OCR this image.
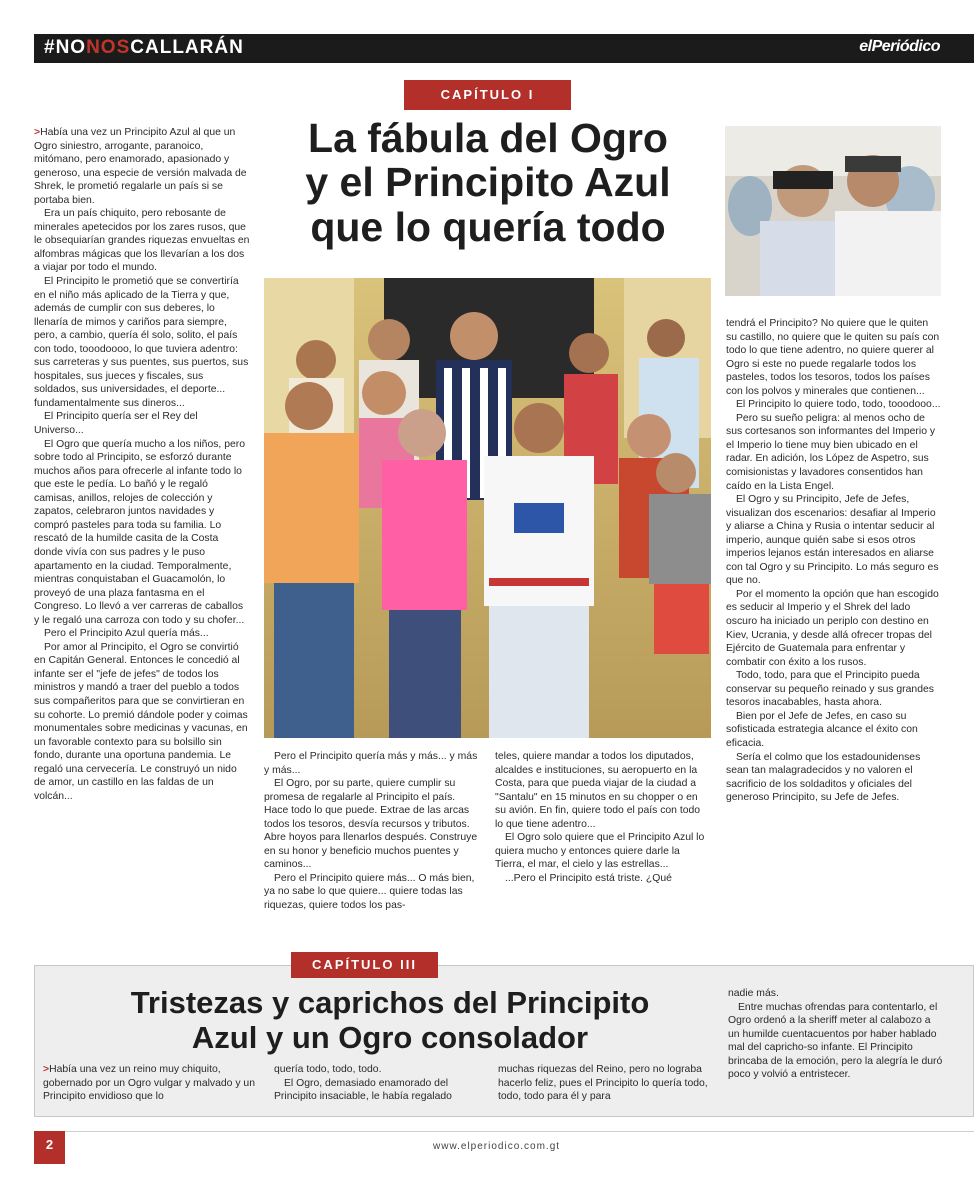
#NONOSCALLARÁN	elPeriódico
CAPÍTULO I
La fábula del Ogro
y el Principito Azul
que lo quería todo

>Había una vez un Principito Azul al que un Ogro siniestro, arrogante, paranoico, mitómano, pero enamorado, apasionado y generoso, una especie de versión malvada de Shrek, le prometió regalarle un país si se portaba bien.

Era un país chiquito, pero rebosante de minerales apetecidos por los zares rusos, que le obsequiarían grandes riquezas envueltas en alfombras mágicas que los llevarían a los dos a viajar por todo el mundo.

El Principito le prometió que se convertiría en el niño más aplicado de la Tierra y que, además de cumplir con sus deberes, lo llenaría de mimos y cariños para siempre, pero, a cambio, quería él solo, solito, el país con todo, tooodoooo, lo que tuviera adentro: sus carreteras y sus puentes, sus puertos, sus hospitales, sus jueces y fiscales, sus soldados, sus universidades, el deporte... fundamentalmente sus dineros...

El Principito quería ser el Rey del Universo...

El Ogro que quería mucho a los niños, pero sobre todo al Principito, se esforzó durante muchos años para ofrecerle al infante todo lo que este le pedía. Lo bañó y le regaló camisas, anillos, relojes de colección y zapatos, celebraron juntos navidades y compró pasteles para toda su familia. Lo rescató de la humilde casita de la Costa donde vivía con sus padres y le puso apartamento en la ciudad. Temporalmente, mientras conquistaban el Guacamolón, lo proveyó de una plaza fantasma en el Congreso. Lo llevó a ver carreras de caballos y le regaló una carroza con todo y su chofer...

Pero el Principito Azul quería más...

Por amor al Principito, el Ogro se convirtió en Capitán General. Entonces le concedió al infante ser el "jefe de jefes" de todos los ministros y mandó a traer del pueblo a todos sus compañeritos para que se convirtieran en su cohorte. Lo premió dándole poder y coimas monumentales sobre medicinas y vacunas, en un favorable contexto para su bolsillo sin fondo, durante una oportuna pandemia. Le regaló una cervecería. Le construyó un nido de amor, un castillo en las faldas de un volcán...

Pero el Principito quería más y más... y más y más...

El Ogro, por su parte, quiere cumplir su promesa de regalarle al Principito el país. Hace todo lo que puede. Extrae de las arcas todos los tesoros, desvía recursos y tributos. Abre hoyos para llenarlos después. Construye en su honor y beneficio muchos puentes y caminos...

Pero el Principito quiere más... O más bien, ya no sabe lo que quiere... quiere todas las riquezas, quiere todos los pas-

teles, quiere mandar a todos los diputados, alcaldes e instituciones, su aeropuerto en la Costa, para que pueda viajar de la ciudad a "Santalu" en 15 minutos en su chopper o en su avión. En fin, quiere todo el país con todo lo que tiene adentro...

El Ogro solo quiere que el Principito Azul lo quiera mucho y entonces quiere darle la Tierra, el mar, el cielo y las estrellas...

...Pero el Principito está triste. ¿Qué

tendrá el Principito? No quiere que le quiten su castillo, no quiere que le quiten su país con todo lo que tiene adentro, no quiere querer al Ogro si este no puede regalarle todos los pasteles, todos los tesoros, todos los países con los polvos y minerales que contienen...

El Principito lo quiere todo, todo, tooodooo...

Pero su sueño peligra: al menos ocho de sus cortesanos son informantes del Imperio y el Imperio lo tiene muy bien ubicado en el radar. En adición, los López de Aspetro, sus comisionistas y lavadores consentidos han caído en la Lista Engel.

El Ogro y su Principito, Jefe de Jefes, visualizan dos escenarios: desafiar al Imperio y aliarse a China y Rusia o intentar seducir al imperio, aunque quién sabe si esos otros imperios lejanos están interesados en aliarse con tal Ogro y su Principito. Lo más seguro es que no.

Por el momento la opción que han escogido es seducir al Imperio y el Shrek del lado oscuro ha iniciado un periplo con destino en Kiev, Ucrania, y desde allá ofrecer tropas del Ejército de Guatemala para enfrentar y combatir con éxito a los rusos.

Todo, todo, para que el Principito pueda conservar su pequeño reinado y sus grandes tesoros inacabables, hasta ahora.

Bien por el Jefe de Jefes, en caso su sofisticada estrategia alcance el éxito con eficacia.

Sería el colmo que los estadounidenses sean tan malagradecidos y no valoren el sacrificio de los soldaditos y oficiales del generoso Principito, su Jefe de Jefes.

CAPÍTULO III
Tristezas y caprichos del Principito
Azul y un Ogro consolador

>Había una vez un reino muy chiquito, gobernado por un Ogro vulgar y malvado y un Principito envidioso que lo

quería todo, todo, todo.

El Ogro, demasiado enamorado del Principito insaciable, le había regalado

muchas riquezas del Reino, pero no lograba hacerlo feliz, pues el Principito lo quería todo, todo, todo para él y para

nadie más.

Entre muchas ofrendas para contentarlo, el Ogro ordenó a la sheriff meter al calabozo a un humilde cuentacuentos por haber hablado mal del capricho-so infante. El Principito brincaba de la emoción, pero la alegría le duró poco y volvió a entristecer.

2	www.elperiodico.com.gt
